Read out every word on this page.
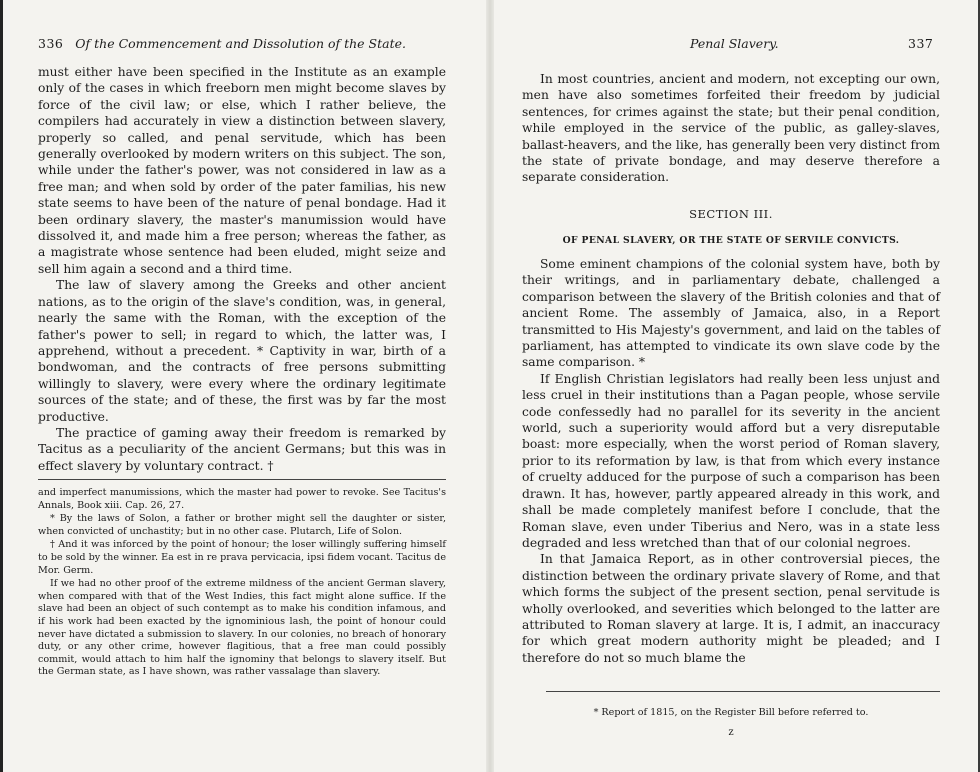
336 Of the Commencement and Dissolution of the State.

must either have been specified in the Institute as an example only of the cases in which freeborn men might become slaves by force of the civil law; or else, which I rather believe, the compilers had accurately in view a distinction between slavery, properly so called, and penal servitude, which has been generally overlooked by modern writers on this subject. The son, while under the father's power, was not considered in law as a free man; and when sold by order of the pater familias, his new state seems to have been of the nature of penal bondage. Had it been ordinary slavery, the master's manumission would have dissolved it, and made him a free person; whereas the father, as a magistrate whose sentence had been eluded, might seize and sell him again a second and a third time.

The law of slavery among the Greeks and other ancient nations, as to the origin of the slave's condition, was, in general, nearly the same with the Roman, with the exception of the father's power to sell; in regard to which, the latter was, I apprehend, without a precedent. * Captivity in war, birth of a bondwoman, and the contracts of free persons submitting willingly to slavery, were every where the ordinary legitimate sources of the state; and of these, the first was by far the most productive.

The practice of gaming away their freedom is remarked by Tacitus as a peculiarity of the ancient Germans; but this was in effect slavery by voluntary contract. †

and imperfect manumissions, which the master had power to revoke. See Tacitus's Annals, Book xiii. Cap. 26, 27.

* By the laws of Solon, a father or brother might sell the daughter or sister, when convicted of unchastity; but in no other case. Plutarch, Life of Solon.

† And it was inforced by the point of honour; the loser willingly suffering himself to be sold by the winner. Ea est in re prava pervicacia, ipsi fidem vocant. Tacitus de Mor. Germ.

If we had no other proof of the extreme mildness of the ancient German slavery, when compared with that of the West Indies, this fact might alone suffice. If the slave had been an object of such contempt as to make his condition infamous, and if his work had been exacted by the ignominious lash, the point of honour could never have dictated a submission to slavery. In our colonies, no breach of honorary duty, or any other crime, however flagitious, that a free man could possibly commit, would attach to him half the ignominy that belongs to slavery itself. But the German state, as I have shown, was rather vassalage than slavery.

Penal Slavery.	337

In most countries, ancient and modern, not excepting our own, men have also sometimes forfeited their freedom by judicial sentences, for crimes against the state; but their penal condition, while employed in the service of the public, as galley-slaves, ballast-heavers, and the like, has generally been very distinct from the state of private bondage, and may deserve therefore a separate consideration.

SECTION III.
OF PENAL SLAVERY, OR THE STATE OF SERVILE CONVICTS.

Some eminent champions of the colonial system have, both by their writings, and in parliamentary debate, challenged a comparison between the slavery of the British colonies and that of ancient Rome. The assembly of Jamaica, also, in a Report transmitted to His Majesty's government, and laid on the tables of parliament, has attempted to vindicate its own slave code by the same comparison. *

If English Christian legislators had really been less unjust and less cruel in their institutions than a Pagan people, whose servile code confessedly had no parallel for its severity in the ancient world, such a superiority would afford but a very disreputable boast: more especially, when the worst period of Roman slavery, prior to its reformation by law, is that from which every instance of cruelty adduced for the purpose of such a comparison has been drawn. It has, however, partly appeared already in this work, and shall be made completely manifest before I conclude, that the Roman slave, even under Tiberius and Nero, was in a state less degraded and less wretched than that of our colonial negroes.

In that Jamaica Report, as in other controversial pieces, the distinction between the ordinary private slavery of Rome, and that which forms the subject of the present section, penal servitude is wholly overlooked, and severities which belonged to the latter are attributed to Roman slavery at large. It is, I admit, an inaccuracy for which great modern authority might be pleaded; and I therefore do not so much blame the

* Report of 1815, on the Register Bill before referred to.

z
